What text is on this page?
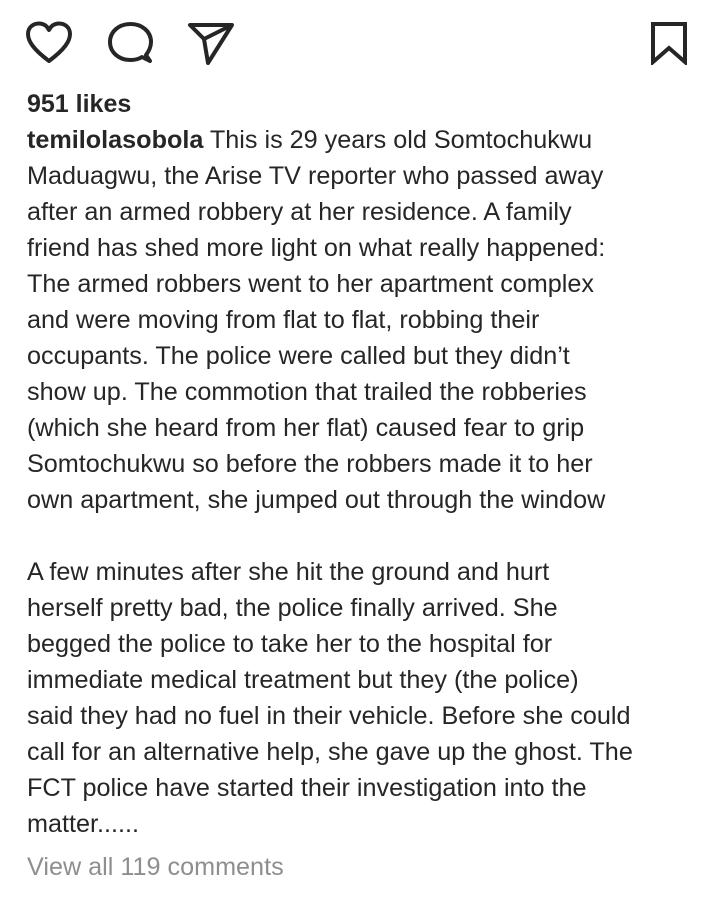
951 likes

temilolasobola This is 29 years old Somtochukwu

Maduagwu, the Arise TV reporter who passed away

after an armed robbery at her residence. A family

friend has shed more light on what really happened:

The armed robbers went to her apartment complex

and were moving from flat to flat, robbing their

occupants. The police were called but they didn’t

show up. The commotion that trailed the robberies

(which she heard from her flat) caused fear to grip

Somtochukwu so before the robbers made it to her

own apartment, she jumped out through the window

A few minutes after she hit the ground and hurt

herself pretty bad, the police finally arrived. She

begged the police to take her to the hospital for

immediate medical treatment but they (the police)

said they had no fuel in their vehicle. Before she could

call for an alternative help, she gave up the ghost. The

FCT police have started their investigation into the

matter......

View all 119 comments
